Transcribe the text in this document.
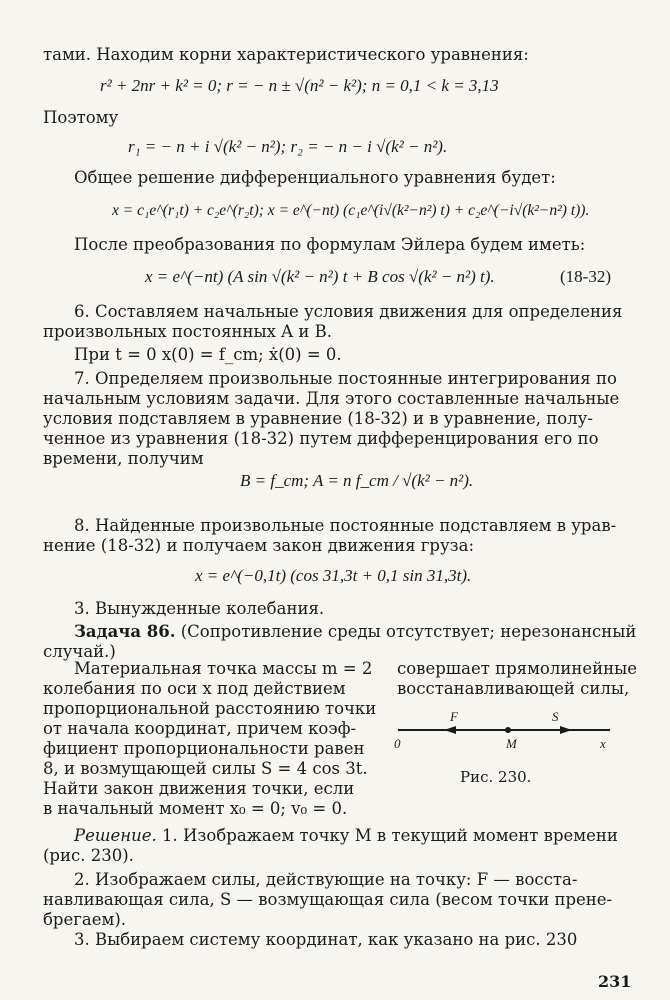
тами. Находим корни характеристического уравнения:
r² + 2nr + k² = 0; r = − n ± √(n² − k²); n = 0,1 < k = 3,13
Поэтому
r₁ = − n + i √(k² − n²); r₂ = − n − i √(k² − n²).
Общее решение дифференциального уравнения будет:
x = c₁e^(r₁t) + c₂e^(r₂t); x = e^(−nt) (c₁e^(i√(k²−n²) t) + c₂e^(−i√(k²−n²) t)).
После преобразования по формулам Эйлера будем иметь:
x = e^(−nt) (A sin √(k² − n²) t + B cos √(k² − n²) t).	(18-32)
6. Составляем начальные условия движения для определения
произвольных постоянных A и B.
При t = 0 x(0) = f_cm; ẋ(0) = 0.
7. Определяем произвольные постоянные интегрирования по
начальным условиям задачи. Для этого составленные начальные
условия подставляем в уравнение (18-32) и в уравнение, полу-
ченное из уравнения (18-32) путем дифференцирования его по
времени, получим
B = f_cm; A = n f_cm / √(k² − n²).
8. Найденные произвольные постоянные подставляем в урав-
нение (18-32) и получаем закон движения груза:
x = e^(−0,1t) (cos 31,3t + 0,1 sin 31,3t).
3. Вынужденные колебания.
Задача 86. (Сопротивление среды отсутствует; нерезонансный
случай.)
Материальная точка массы m = 2 совершает прямолинейные
колебания по оси x под действием	восстанавливающей силы,
пропорциональной расстоянию точки
от начала координат, причем коэф-
фициент пропорциональности равен
8, и возмущающей силы S = 4 cos 3t.
Найти закон движения точки, если
в начальный момент x₀ = 0; v₀ = 0.
0
F	S
M	x
Рис. 230.
Решение. 1. Изображаем точку M в текущий момент времени
(рис. 230).
2. Изображаем силы, действующие на точку: F — восста-
навливающая сила, S — возмущающая сила (весом точки прене-
брегаем).
3. Выбираем систему координат, как указано на рис. 230
231
